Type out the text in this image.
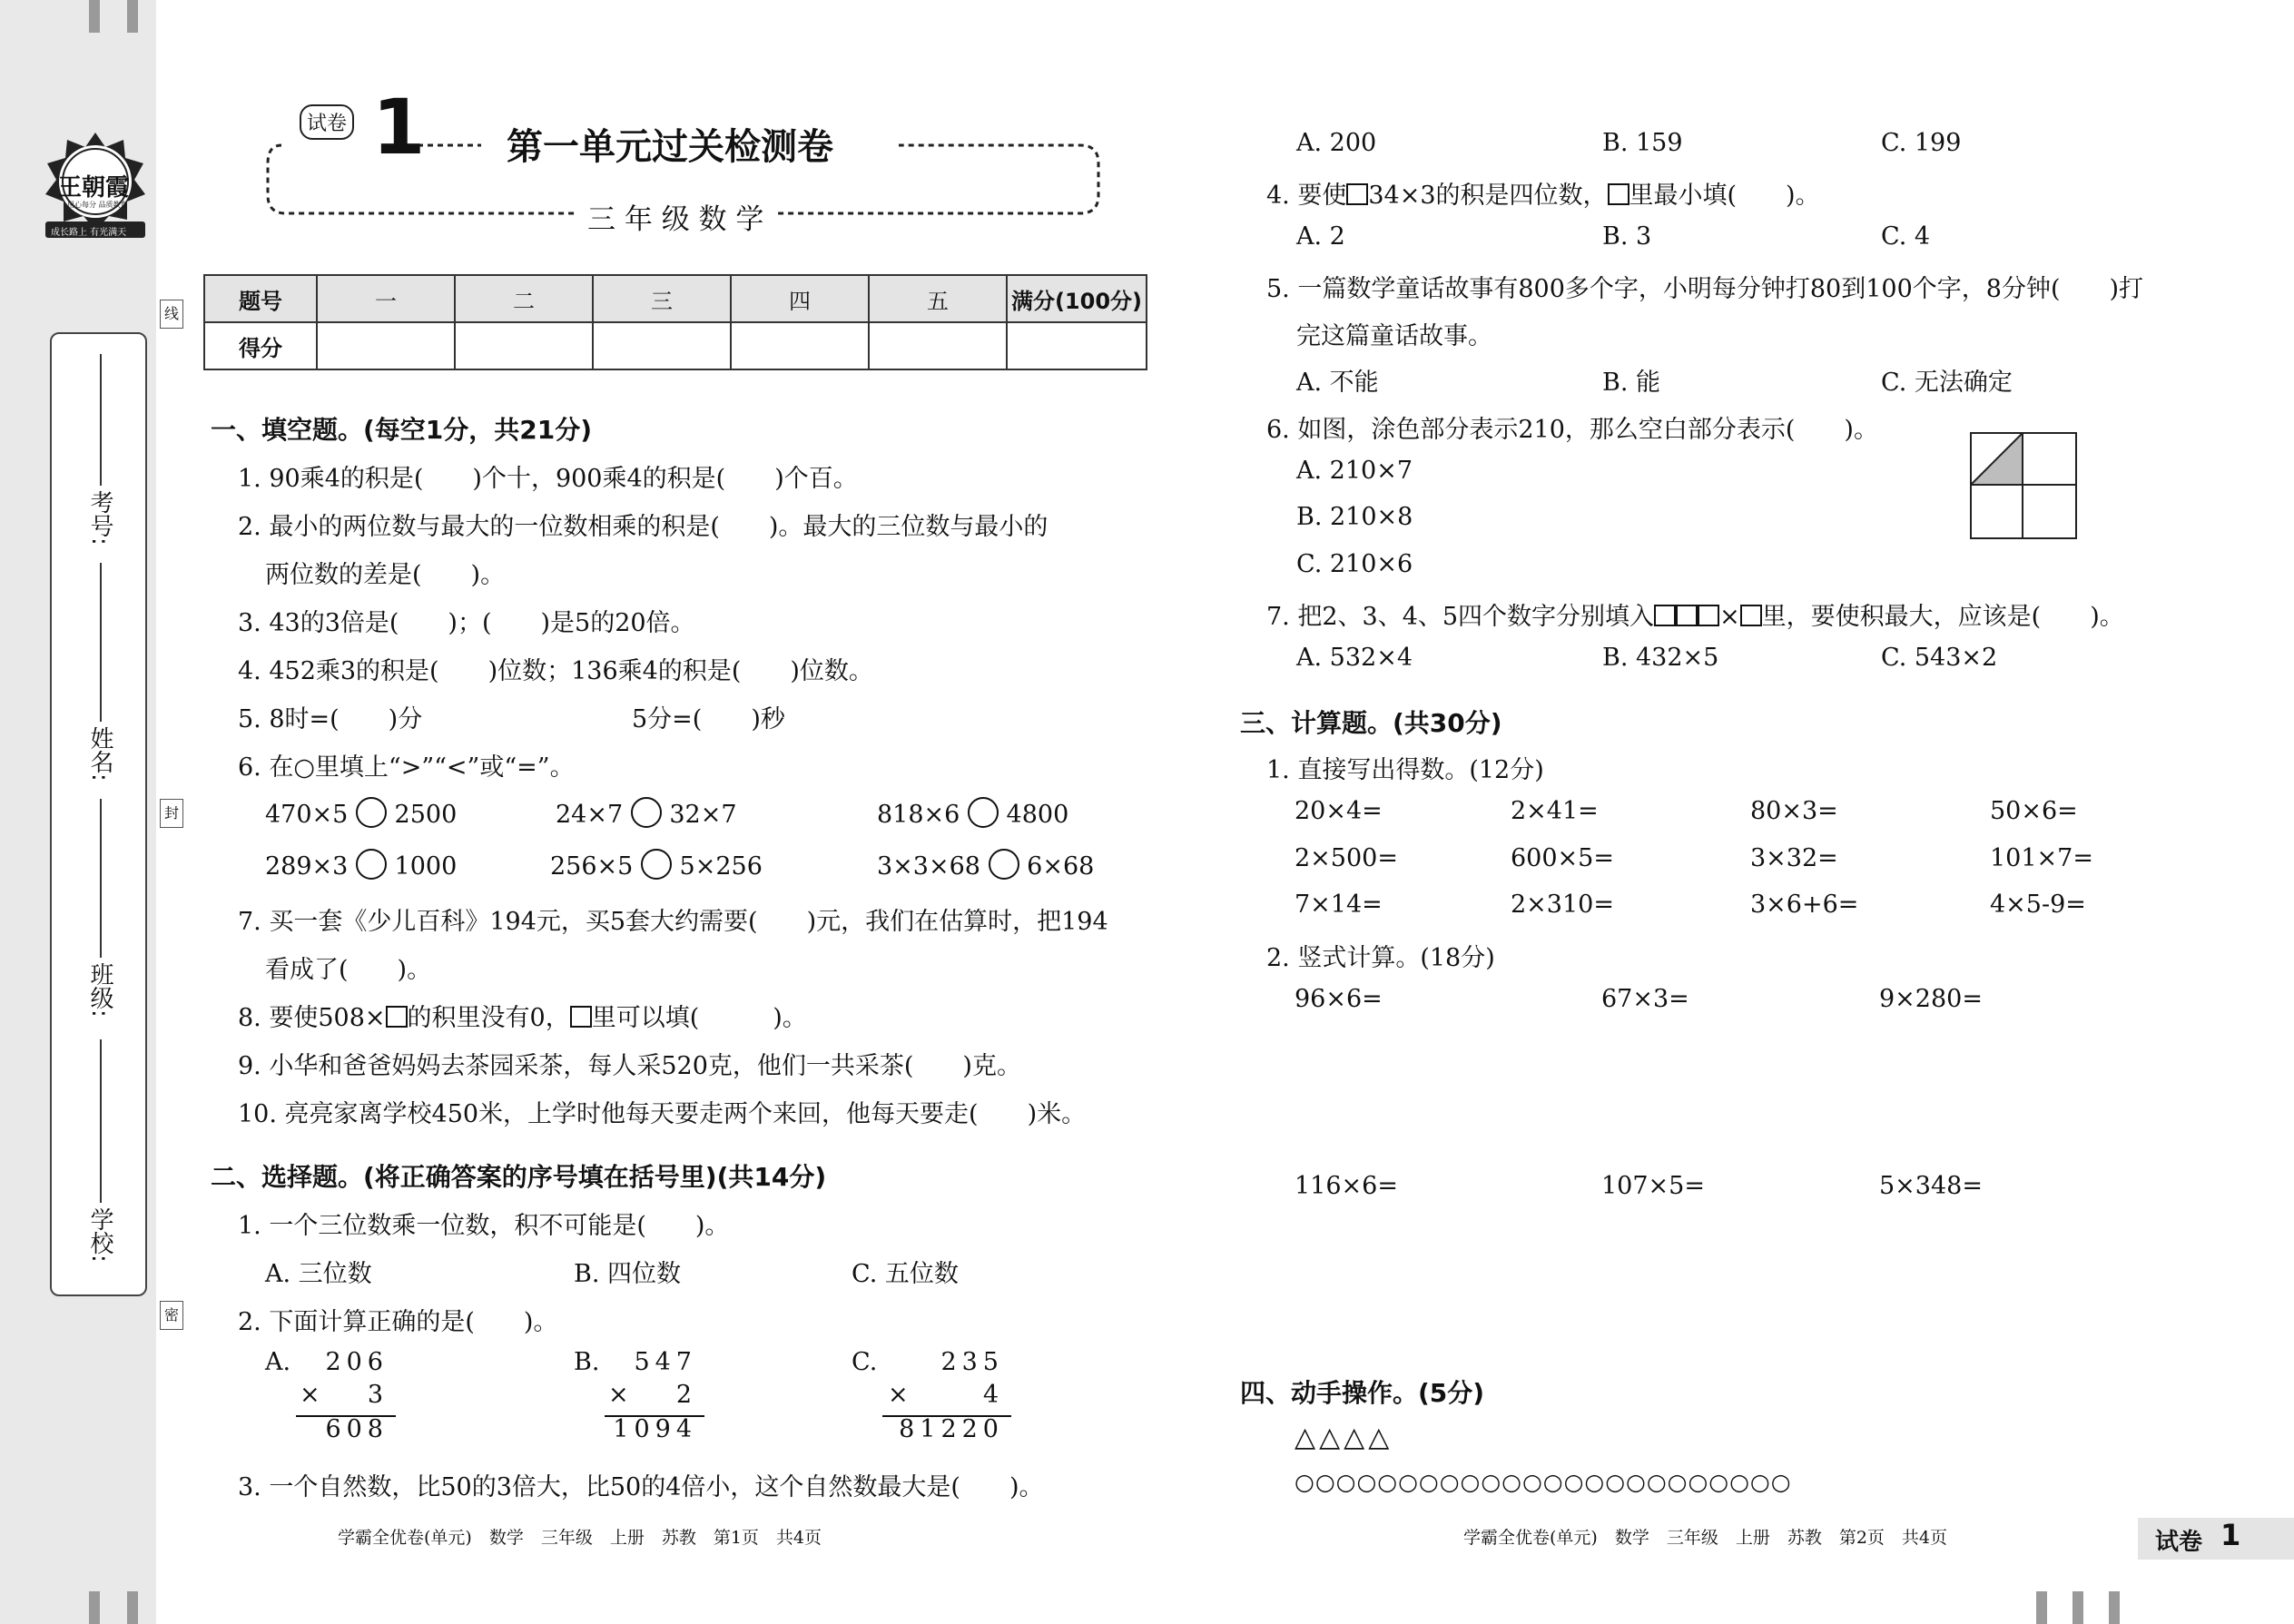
王朝霞
用心每分 品质教育
成长路上 有光满天
考号:
姓名:
班级:
学校:
线
封
密
试卷 1 第一单元过关检测卷
三 年 级 数 学
题号	一	二	三	四	五	满分(100分)
得分						
一、填空题。(每空1分，共21分)
1. 90乘4的积是(　　)个十，900乘4的积是(　　)个百。
2. 最小的两位数与最大的一位数相乘的积是(　　)。最大的三位数与最小的
两位数的差是(　　)。
3. 43的3倍是(　　)；(　　)是5的20倍。
4. 452乘3的积是(　　)位数；136乘4的积是(　　)位数。
5. 8时=(　　)分	5分=(　　)秒
6. 在○里填上“>”“<”或“=”。
470×5 2500	24×7 32×7	818×6 4800
289×3 1000	256×5 5×256	3×3×68 6×68
7. 买一套《少儿百科》194元，买5套大约需要(　　)元，我们在估算时，把194
看成了(　　)。
8. 要使508× 的积里没有0， 里可以填(　　　)。
9. 小华和爸爸妈妈去茶园采茶，每人采520克，他们一共采茶(　　)克。
10. 亮亮家离学校450米，上学时他每天要走两个来回，他每天要走(　　)米。
二、选择题。(将正确答案的序号填在括号里)(共14分)
1. 一个三位数乘一位数，积不可能是(　　)。
A. 三位数	B. 四位数	C. 五位数
2. 下面计算正确的是(　　)。
A.	206
×	3
608
B.	547
×	2
1094
C.	235
×	4
81220
3. 一个自然数，比50的3倍大，比50的4倍小，这个自然数最大是(　　)。
A. 200	B. 159	C. 199
4. 要使 34×3的积是四位数， 里最小填(　　)。
A. 2	B. 3	C. 4
5. 一篇数学童话故事有800多个字，小明每分钟打80到100个字，8分钟(　　)打
完这篇童话故事。
A. 不能	B. 能	C. 无法确定
6. 如图，涂色部分表示210，那么空白部分表示(　　)。
A. 210×7
B. 210×8
C. 210×6
7. 把2、3、4、5四个数字分别填入	× 里，要使积最大，应该是(　　)。
A. 532×4	B. 432×5	C. 543×2
三、计算题。(共30分)
1. 直接写出得数。(12分)
20×4=	2×41=	80×3=	50×6=
2×500=	600×5=	3×32=	101×7=
7×14=	2×310=	3×6+6=	4×5-9=
2. 竖式计算。(18分)
96×6=	67×3=	9×280=
116×6=	107×5=	5×348=
四、动手操作。(5分)
△△△△
○○○○○○○○○○○○○○○○○○○○○○○○
学霸全优卷(单元)　数学　三年级　上册　苏教　第1页　共4页	学霸全优卷(单元)　数学　三年级　上册　苏教　第2页　共4页	试卷 1
